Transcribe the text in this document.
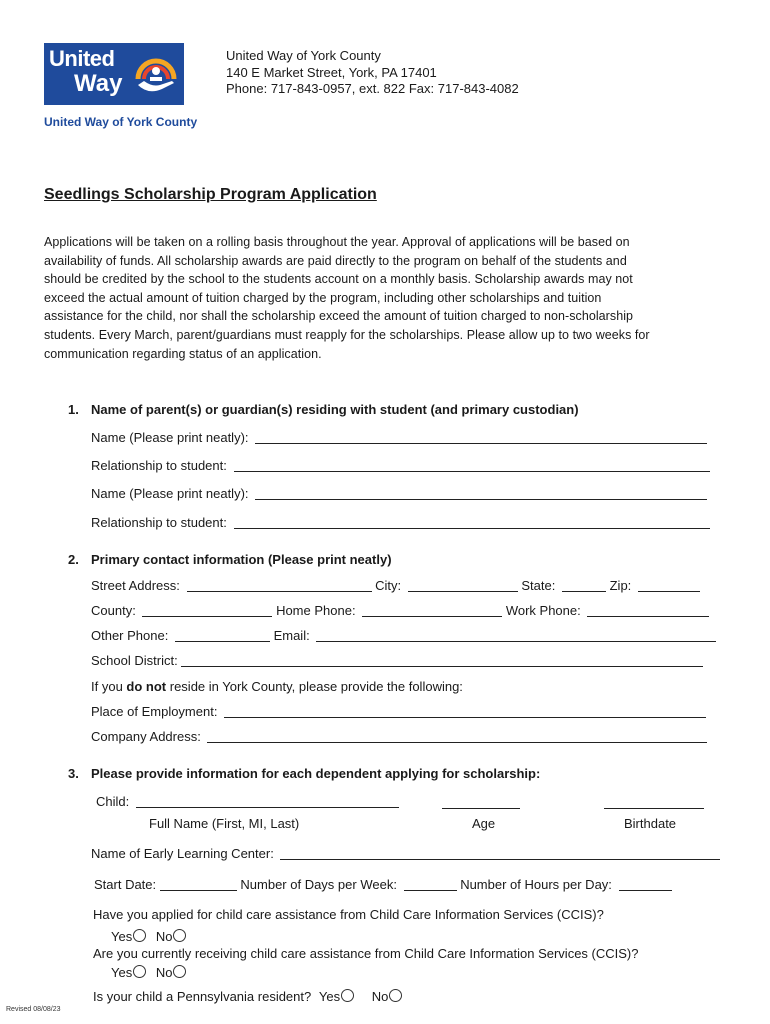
United
Way
United Way of York County
United Way of York County
140 E Market Street, York, PA 17401
Phone: 717-843-0957, ext. 822 Fax: 717-843-4082
Seedlings Scholarship Program Application
Applications will be taken on a rolling basis throughout the year. Approval of applications will be based on
availability of funds. All scholarship awards are paid directly to the program on behalf of the students and
should be credited by the school to the students account on a monthly basis. Scholarship awards may not
exceed the actual amount of tuition charged by the program, including other scholarships and tuition
assistance for the child, nor shall the scholarship exceed the amount of tuition charged to non-scholarship
students. Every March, parent/guardians must reapply for the scholarships. Please allow up to two weeks for
communication regarding status of an application.
1. Name of parent(s) or guardian(s) residing with student (and primary custodian)
Name (Please print neatly):
Relationship to student:
Name (Please print neatly):
Relationship to student:
2. Primary contact information (Please print neatly)
Street Address:	City:	State:	Zip:
County:	Home Phone:	Work Phone:
Other Phone:	Email:
School District:
If you do not reside in York County, please provide the following:
Place of Employment:
Company Address:
3. Please provide information for each dependent applying for scholarship:
Child:
Full Name (First, MI, Last)	Age	Birthdate
Name of Early Learning Center:
Start Date:	Number of Days per Week:	Number of Hours per Day:
Have you applied for child care assistance from Child Care Information Services (CCIS)?
Yes No
Are you currently receiving child care assistance from Child Care Information Services (CCIS)?
Yes No
Is your child a Pennsylvania resident? Yes No
Revised 08/08/23
